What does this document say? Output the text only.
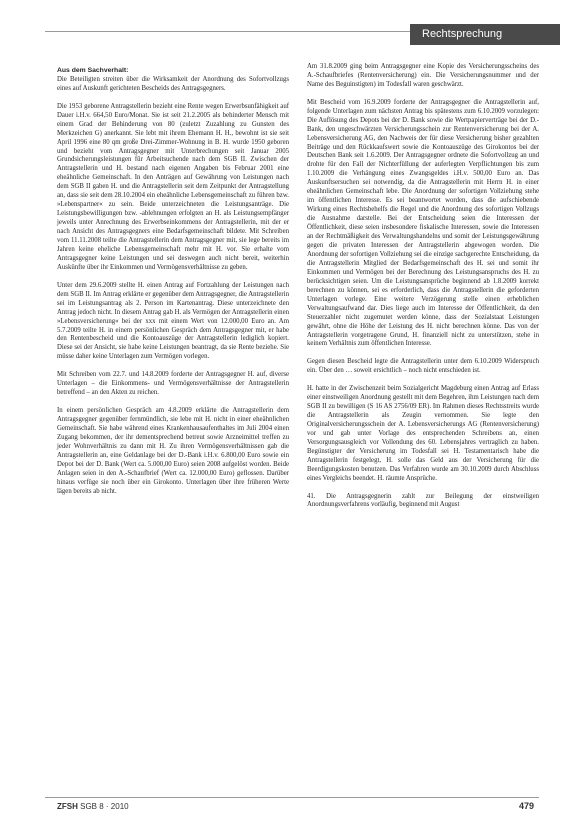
Rechtsprechung

Aus dem Sachverhalt:

Die Beteiligten streiten über die Wirksamkeit der Anordnung des Sofortvollzugs eines auf Auskunft gerichteten Bescheids des Antragsgegners.

Die 1953 geborene Antragstellerin bezieht eine Rente wegen Erwerbsunfähigkeit auf Dauer i.H.v. 664,50 Euro/Monat. Sie ist seit 21.2.2005 als behinderter Mensch mit einem Grad der Behinderung von 80 (zuletzt Zuzahlung zu Gunsten des Merkzeichen G) anerkannt. Sie lebt mit ihrem Ehemann H. H., bewohnt ist sie seit April 1996 eine 80 qm große Drei-Zimmer-Wohnung in B. H. wurde 1950 geboren und bezieht vom Antragsgegner mit Unterbrechungen seit Januar 2005 Grundsicherungsleistungen für Arbeitsuchende nach dem SGB II. Zwischen der Antragstellerin und H. bestand nach eigenen Angaben bis Februar 2001 eine eheähnliche Gemeinschaft. In den Anträgen auf Gewährung von Leistungen nach dem SGB II gaben H. und die Antragstellerin seit dem Zeitpunkt der Antragstellung an, dass sie seit dem 28.10.2004 ein eheähnliche Lebensgemeinschaft zu führen bzw. »Lebenspartner« zu sein. Beide unterzeichneten die Leistungsanträge. Die Leistungsbewilligungen bzw. -ablehnungen erfolgten an H. als Leistungsempfänger jeweils unter Anrechnung des Erwerbseinkommens der Antragstellerin, mit der er nach Ansicht des Antragsgegners eine Bedarfsgemeinschaft bildete. Mit Schreiben vom 11.11.2008 teilte die Antragstellerin dem Antragsgegner mit, sie lege bereits im Jahren keine eheliche Lebensgemeinschaft mehr mit H. vor. Sie erhalte vom Antragsgegner keine Leistungen und sei deswegen auch nicht bereit, weiterhin Auskünfte über ihr Einkommen und Vermögensverhältnisse zu geben.

Unter dem 29.6.2009 stellte H. einen Antrag auf Fortzahlung der Leistungen nach dem SGB II. Im Antrag erklärte er gegenüber dem Antragsgegner, die Antragstellerin sei im Leistungsantrag als 2. Person im Kartenantrag. Diese unterzeichnete den Antrag jedoch nicht. In diesem Antrag gab H. als Vermögen der Antragstellerin einen »Lebensversicherung« bei der xxx mit einem Wert von 12.000,00 Euro an. Am 5.7.2009 teilte H. in einem persönlichen Gespräch dem Antragsgegner mit, er habe den Rentenbescheid und die Kontoauszüge der Antragstellerin lediglich kopiert. Diese sei der Ansicht, sie habe keine Leistungen beantragt, da sie Rente beziehe. Sie müsse daher keine Unterlagen zum Vermögen vorlegen.

Mit Schreiben vom 22.7. und 14.8.2009 forderte der Antragsgegner H. auf, diverse Unterlagen – die Einkommens- und Vermögensverhältnisse der Antragstellerin betreffend – an den Akten zu reichen.

In einem persönlichen Gespräch am 4.8.2009 erklärte die Antragstellerin dem Antragsgegner gegenüber fernmündlich, sie lebe mit H. nicht in einer eheähnlichen Gemeinschaft. Sie habe während eines Krankenhausaufenthaltes im Juli 2004 einen Zugang bekommen, der ihr dementsprechend betreut sowie Arzneimittel treffen zu jeder Wohnverhältnis zu dann mit H. Zu ihren Vermögensverhältnissen gab die Antragstellerin an, eine Geldanlage bei der D.-Bank i.H.v. 6.800,00 Euro sowie ein Depot bei der D. Bank (Wert ca. 5.000,00 Euro) seien 2008 aufgelöst worden. Beide Anlagen seien in den A.-Schaufbrief (Wert ca. 12.000,00 Euro) geflossen. Darüber hinaus verfüge sie noch über ein Girokonto. Unterlagen über ihre früheren Werte lägen bereits ab nicht.

Am 31.8.2009 ging beim Antragsgegner eine Kopie des Versicherungsscheins des A.-Schaufbriefes (Rentenversicherung) ein. Die Versicherungsnummer und der Name des Beguinstigten) im Todesfall waren geschwärzt.

Mit Bescheid vom 16.9.2009 forderte der Antragsgegner die Antragstellerin auf, folgende Unterlagen zum nächsten Antrag bis spätestens zum 6.10.2009 vorzulegen: Die Auflösung des Depots bei der D. Bank sowie die Wertpapierverträge bei der D.-Bank, den ungeschwärzten Versicherungsschein zur Rentenversicherung bei der A. Lebensversicherung AG, den Nachweis der für diese Versicherung bisher gezahlten Beiträge und den Rückkaufswert sowie die Kontoauszüge des Girokontos bei der Deutschen Bank seit 1.6.2009. Der Antragsgegner ordnete die Sofortvollzug an und drohte für den Fall der Nichterfüllung der auferlegten Verpflichtungen bis zum 1.10.2009 die Verhängung eines Zwangsgeldes i.H.v. 500,00 Euro an. Das Auskunftsersuchen sei notwendig, da die Antragstellerin mit Herrn H. in einer eheähnlichen Gemeinschaft lebe. Die Anordnung der sofortigen Vollziehung stehe im öffentlichen Interesse. Es sei beantwortet worden, dass die aufschiebende Wirkung eines Rechtsbehelfs die Regel und die Anordnung des sofortigen Vollzugs die Ausnahme darstelle. Bei der Entscheidung seien die Interessen der Öffentlichkeit, diese seien insbesondere fiskalische Interessen, sowie die Interessen an der Rechtmäßigkeit des Verwaltungshandelns und somit der Leistungsgewährung gegen die privaten Interessen der Antragstellerin abgewogen worden. Die Anordnung der sofortigen Vollziehung sei die einzige sachgerechte Entscheidung, da die Antragstellerin Mitglied der Bedarfsgemeinschaft des H. sei und somit ihr Einkommen und Vermögen bei der Berechnung des Leistungsanspruchs des H. zu berücksichtigen seien. Um die Leistungsansprüche beginnend ab 1.8.2009 korrekt berechnen zu können, sei es erforderlich, dass die Antragstellerin die geforderten Unterlagen vorlege. Eine weitere Verzögerung stelle einen erheblichen Verwaltungsaufwand dar. Dies liege auch im Interesse der Öffentlichkeit, da den Steuerzahler nicht zugemutet werden könne, dass der Sozialstaat Leistungen gewährt, ohne die Höhe der Leistung des H. nicht berechnen könne. Das von der Antragstellerin vorgetragene Grund, H. finanziell nicht zu unterstützen, stehe in keinem Verhältnis zum öffentlichen Interesse.

Gegen diesen Bescheid legte die Antragstellerin unter dem 6.10.2009 Widerspruch ein. Über den … soweit ersichtlich – noch nicht entschieden ist.

H. hatte in der Zwischenzeit beim Sozialgericht Magdeburg einen Antrag auf Erlass einer einstweiligen Anordnung gestellt mit dem Begehren, ihm Leistungen nach dem SGB II zu bewilligen (S 16 AS 2756/09 ER). Im Rahmen dieses Rechtsstreits wurde die Antragstellerin als Zeugin vernommen. Sie legte den Originalversicherungsschein der A. Lebensversicherungs AG (Rentenversicherung) vor und gab unter Vorlage des entsprechenden Schreibens an, einen Versorgungsausgleich vor Vollendung des 60. Lebensjahres vertraglich zu haben. Begünstigter der Versicherung im Todesfall sei H. Testamentarisch habe die Antragstellerin festgelegt, H. solle das Geld aus der Versicherung für die Beerdigungskosten benutzen. Das Verfahren wurde am 30.10.2009 durch Abschluss eines Vergleichs beendet. H. räumte Ansprüche.

41. Die Antragsgegnerin zahlt zur Beilegung der einstweiligen Anordnungsverfahrens vorläufig, beginnend mit August

ZFSH SGB 8 · 2010	479
